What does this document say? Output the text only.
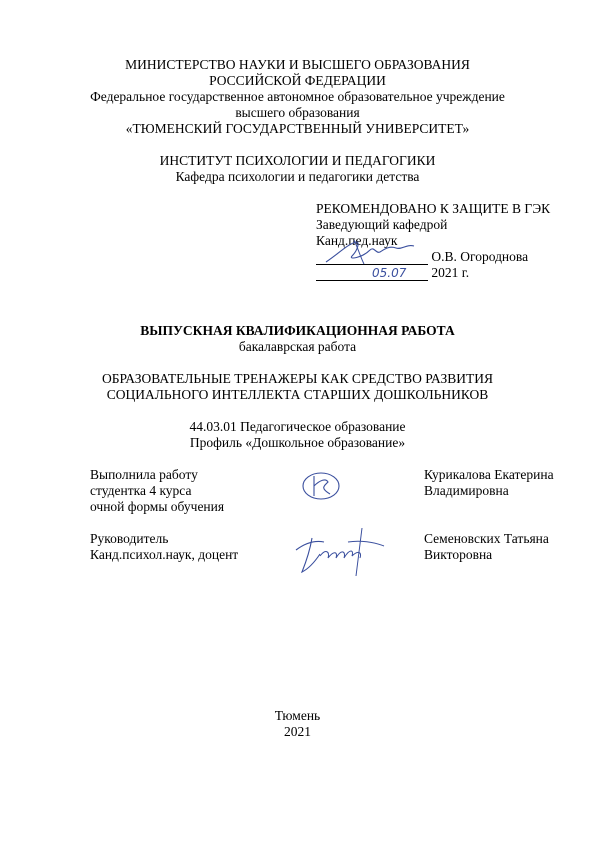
МИНИСТЕРСТВО НАУКИ И ВЫСШЕГО ОБРАЗОВАНИЯ
РОССИЙСКОЙ ФЕДЕРАЦИИ
Федеральное государственное автономное образовательное учреждение
высшего образования
«ТЮМЕНСКИЙ ГОСУДАРСТВЕННЫЙ УНИВЕРСИТЕТ»
ИНСТИТУТ ПСИХОЛОГИИ И ПЕДАГОГИКИ
Кафедра психологии и педагогики детства
РЕКОМЕНДОВАНО К ЗАЩИТЕ В ГЭК
Заведующий кафедрой
Канд.пед.наук
О.В. Огороднова
2021 г.
05.07
ВЫПУСКНАЯ КВАЛИФИКАЦИОННАЯ РАБОТА
бакалаврская работа
ОБРАЗОВАТЕЛЬНЫЕ ТРЕНАЖЕРЫ КАК СРЕДСТВО РАЗВИТИЯ
СОЦИАЛЬНОГО ИНТЕЛЛЕКТА СТАРШИХ ДОШКОЛЬНИКОВ
44.03.01 Педагогическое образование
Профиль «Дошкольное образование»
Выполнила работу
студентка 4 курса
очной формы обучения
Курикалова Екатерина
Владимировна
Руководитель
Канд.психол.наук, доцент
Семеновских Татьяна
Викторовна
Тюмень
2021
